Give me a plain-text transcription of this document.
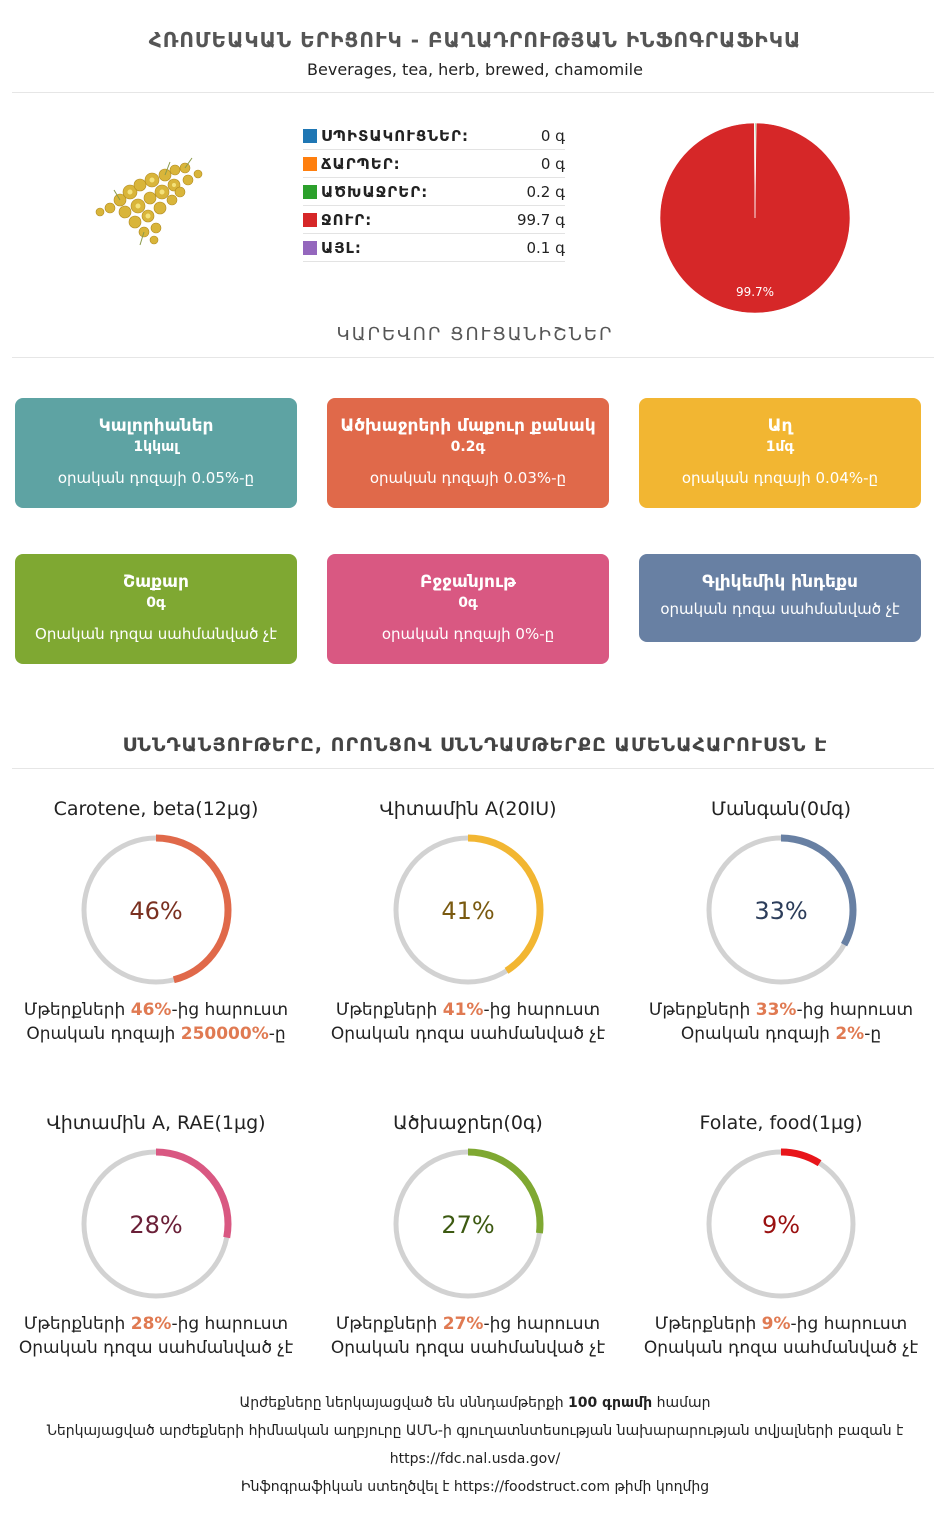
ՀՌՈՄԵԱԿԱՆ ԵՐԻՑՈՒԿ - ԲԱՂԱԴՐՈՒԹՅԱՆ ԻՆՖՈԳՐԱՖԻԿԱ
Beverages, tea, herb, brewed, chamomile
ՍՊԻՏԱԿՈՒՑՆԵՐ:	0 գ
ՃԱՐՊԵՐ:	0 գ
ԱԾԽԱՋՐԵՐ:	0.2 գ
ՋՈՒՐ:	99.7 գ
ԱՅԼ:	0.1 գ
99.7%
ԿԱՐԵՎՈՐ ՑՈՒՑԱՆԻՇՆԵՐ
Կալորիաներ
1կկալ
օրական դոզայի 0.05%-ը
Ածխաջրերի մաքուր քանակ
0.2գ
օրական դոզայի 0.03%-ը
Աղ
1մգ
օրական դոզայի 0.04%-ը
Շաքար
0գ
Օրական դոզա սահմանված չէ
Բջջանյութ
0գ
օրական դոզայի 0%-ը
Գլիկեմիկ ինդեքս
օրական դոզա սահմանված չէ
ՍՆՆԴԱՆՅՈՒԹԵՐԸ, ՈՐՈՆՑՈՎ ՍՆՆԴԱՄԹԵՐՔԸ ԱՄԵՆԱՀԱՐՈՒՍՏՆ Է
Carotene, beta(12µg)
46%
Մթերքների 46%-ից հարուստ
Օրական դոզայի 250000%-ը
Վիտամին A(20IU)
41%
Մթերքների 41%-ից հարուստ
Օրական դոզա սահմանված չէ
Մանգան(0մգ)
33%
Մթերքների 33%-ից հարուստ
Օրական դոզայի 2%-ը
Վիտամին A, RAE(1µg)
28%
Մթերքների 28%-ից հարուստ
Օրական դոզա սահմանված չէ
Ածխաջրեր(0գ)
27%
Մթերքների 27%-ից հարուստ
Օրական դոզա սահմանված չէ
Folate, food(1µg)
9%
Մթերքների 9%-ից հարուստ
Օրական դոզա սահմանված չէ
Արժեքները ներկայացված են սննդամթերքի 100 գրամի համար
Ներկայացված արժեքների հիմնական աղբյուրը ԱՄՆ-ի գյուղատնտեսության նախարարության տվյալների բազան է
https://fdc.nal.usda.gov/
Ինֆոգրաֆիկան ստեղծվել է https://foodstruct.com թիմի կողմից
